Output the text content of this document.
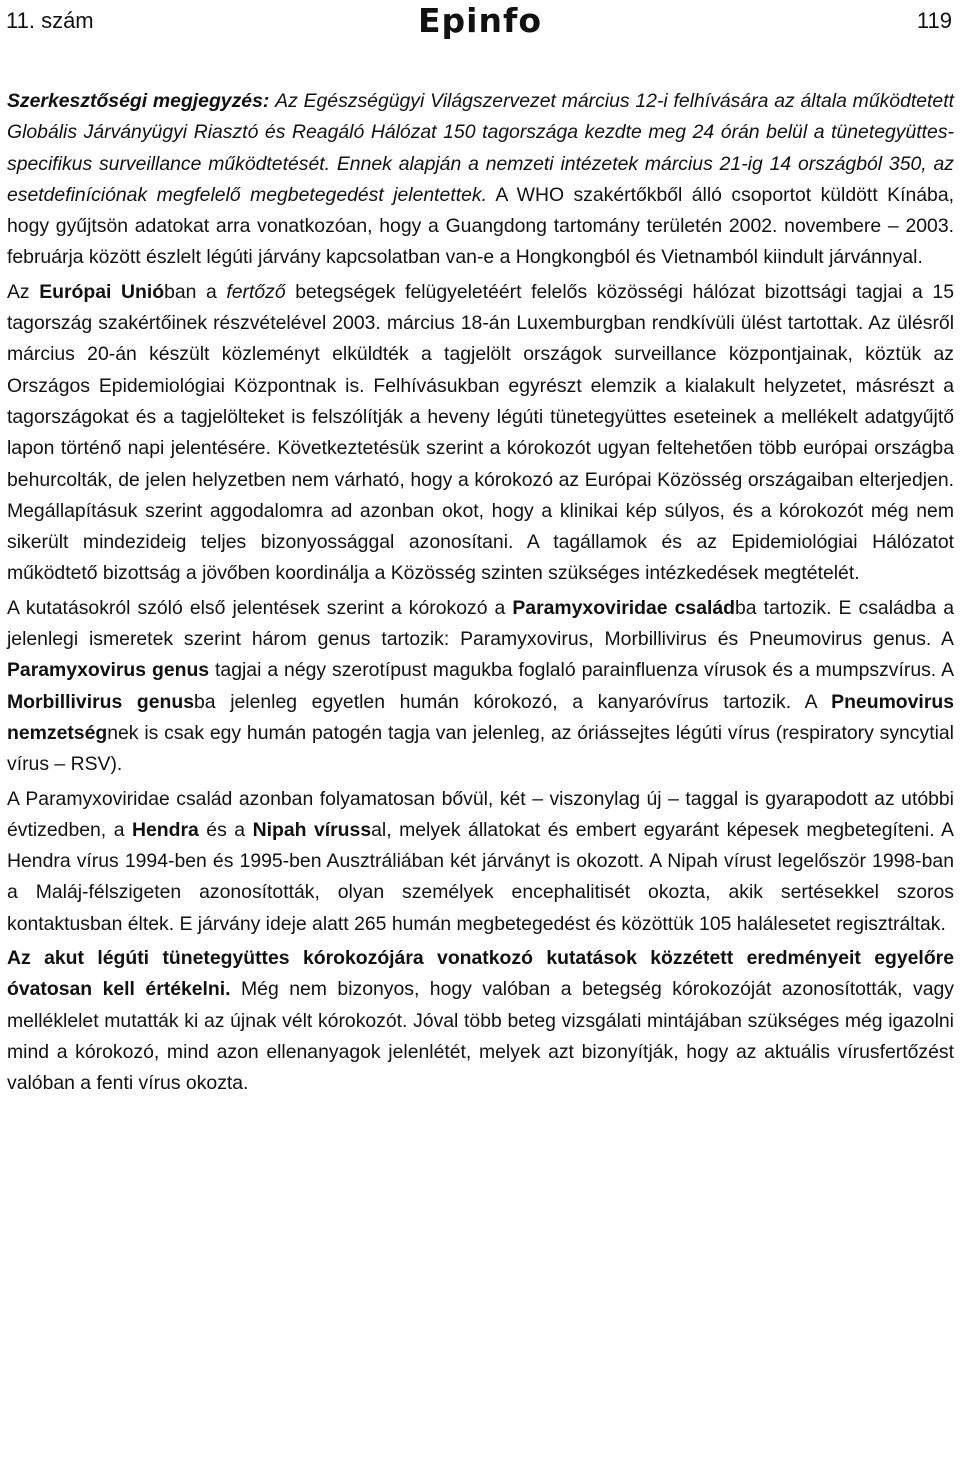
11. szám	Epinfo	119

Szerkesztőségi megjegyzés: Az Egészségügyi Világszervezet március 12-i felhívására az általa működtetett Globális Járványügyi Riasztó és Reagáló Hálózat 150 tagországa kezdte meg 24 órán belül a tünetegyüttes-specifikus surveillance működtetését. Ennek alapján a nemzeti intézetek március 21-ig 14 országból 350, az esetdefiníciónak megfelelő megbetegedést jelentettek. A WHO szakértőkből álló csoportot küldött Kínába, hogy gyűjtsön adatokat arra vonatkozóan, hogy a Guangdong tartomány területén 2002. novembere – 2003. februárja között észlelt légúti járvány kapcsolatban van-e a Hongkongból és Vietnamból kiindult járvánnyal.

Az Európai Unióban a fertőző betegségek felügyeletéért felelős közösségi hálózat bizottsági tagjai a 15 tagország szakértőinek részvételével 2003. március 18-án Luxemburgban rendkívüli ülést tartottak. Az ülésről március 20-án készült közleményt elküldték a tagjelölt országok surveillance központjainak, köztük az Országos Epidemiológiai Központnak is. Felhívásukban egyrészt elemzik a kialakult helyzetet, másrészt a tagországokat és a tagjelölteket is felszólítják a heveny légúti tünetegyüttes eseteinek a mellékelt adatgyűjtő lapon történő napi jelentésére. Következtetésük szerint a kórokozót ugyan feltehetően több európai országba behurcolták, de jelen helyzetben nem várható, hogy a kórokozó az Európai Közösség országaiban elterjedjen. Megállapításuk szerint aggodalomra ad azonban okot, hogy a klinikai kép súlyos, és a kórokozót még nem sikerült mindezideig teljes bizonyossággal azonosítani. A tagállamok és az Epidemiológiai Hálózatot működtető bizottság a jövőben koordinálja a Közösség szinten szükséges intézkedések megtételét.

A kutatásokról szóló első jelentések szerint a kórokozó a Paramyxoviridae családba tartozik. E családba a jelenlegi ismeretek szerint három genus tartozik: Paramyxovirus, Morbillivirus és Pneumovirus genus. A Paramyxovirus genus tagjai a négy szerotípust magukba foglaló parainfluenza vírusok és a mumpszvírus. A Morbillivirus genusba jelenleg egyetlen humán kórokozó, a kanyaróvírus tartozik. A Pneumovirus nemzetségnek is csak egy humán patogén tagja van jelenleg, az óriássejtes légúti vírus (respiratory syncytial vírus – RSV).

A Paramyxoviridae család azonban folyamatosan bővül, két – viszonylag új – taggal is gyarapodott az utóbbi évtizedben, a Hendra és a Nipah vírussal, melyek állatokat és embert egyaránt képesek megbetegíteni. A Hendra vírus 1994-ben és 1995-ben Ausztráliában két járványt is okozott. A Nipah vírust legelőször 1998-ban a Maláj-félszigeten azonosították, olyan személyek encephalitisét okozta, akik sertésekkel szoros kontaktusban éltek. E járvány ideje alatt 265 humán megbetegedést és közöttük 105 halálesetet regisztráltak.

Az akut légúti tünetegyüttes kórokozójára vonatkozó kutatások közzétett eredményeit egyelőre óvatosan kell értékelni. Még nem bizonyos, hogy valóban a betegség kórokozóját azonosították, vagy melléklelet mutatták ki az újnak vélt kórokozót. Jóval több beteg vizsgálati mintájában szükséges még igazolni mind a kórokozó, mind azon ellenanyagok jelenlétét, melyek azt bizonyítják, hogy az aktuális vírusfertőzést valóban a fenti vírus okozta.
